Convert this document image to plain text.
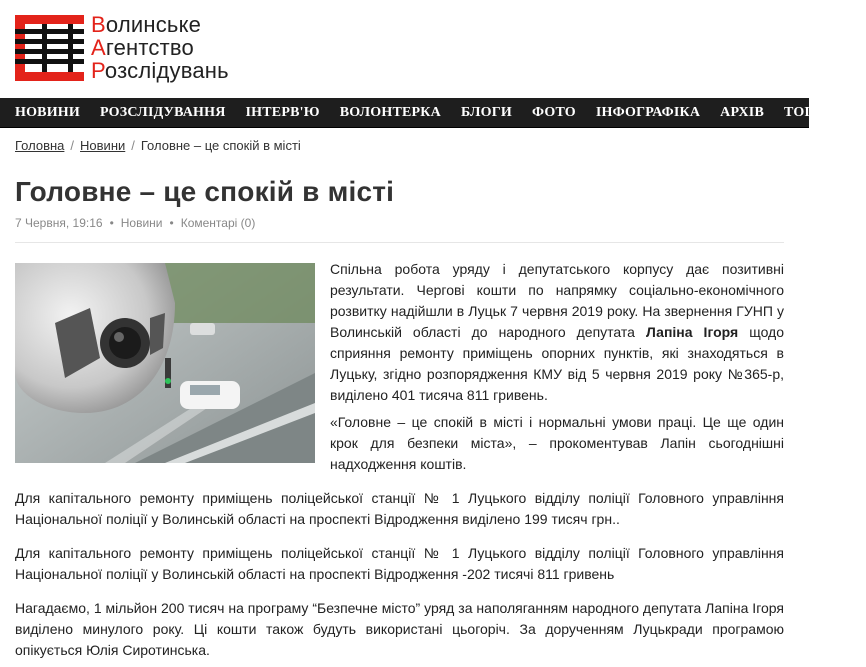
Волинське
Агентство
Розслідувань
НОВИНИ РОЗСЛІДУВАННЯ ІНТЕРВ'Ю ВОЛОНТЕРКА БЛОГИ ФОТО ІНФОГРАФІКА АРХІВ ТОП-10 П
Головна / Новини / Головне – це спокій в місті
Головне – це спокій в місті
7 Червня, 19:16 • Новини • Коментарі (0)

Спільна робота уряду і депутатського корпусу дає позитивні результати. Чергові кошти по напрямку соціально-економічного розвитку надійшли в Луцьк 7 червня 2019 року. На звернення ГУНП у Волинській області до народного депутата Лапіна Ігоря щодо сприяння ремонту приміщень опорних пунктів, які знаходяться в Луцьку, згідно розпорядження КМУ від 5 червня 2019 року №365-р, виділено 401 тисяча 811 гривень.

«Головне – це спокій в місті і нормальні умови праці. Це ще один крок для безпеки міста», – прокоментував Лапін сьогоднішні надходження коштів.

Для капітального ремонту приміщень поліцейської станції № 1 Луцького відділу поліції Головного управління Національної поліції у Волинській області на проспекті Відродження виділено 199 тисяч грн..

Для капітального ремонту приміщень поліцейської станції № 1 Луцького відділу поліції Головного управління Національної поліції у Волинській області на проспекті Відродження -202 тисячі 811 гривень

Нагадаємо, 1 мільйон 200 тисяч на програму “Безпечне місто” уряд за наполяганням народного депутата Лапіна Ігоря виділено минулого року. Ці кошти також будуть використані цьогоріч. За дорученням Луцькради програмою опікується Юлія Сиротинська.
